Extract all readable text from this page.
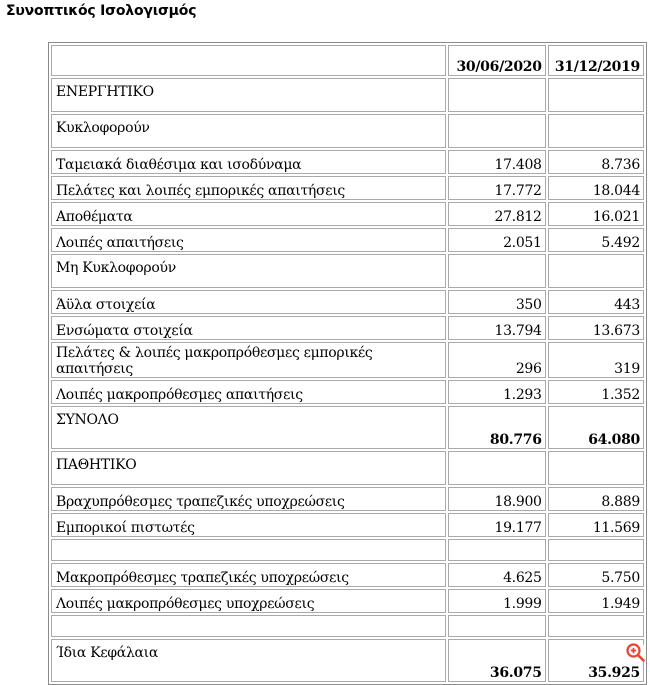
Συνοπτικός Ισολογισμός
	30/06/2020	31/12/2019
ΕΝΕΡΓΗΤΙΚΟ		
Κυκλοφορούν		
Ταμειακά διαθέσιμα και ισοδύναμα	17.408	8.736
Πελάτες και λοιπές εμπορικές απαιτήσεις	17.772	18.044
Αποθέματα	27.812	16.021
Λοιπές απαιτήσεις	2.051	5.492
Μη Κυκλοφορούν		
Άϋλα στοιχεία	350	443
Ενσώματα στοιχεία	13.794	13.673
Πελάτες & λοιπές μακροπρόθεσμες εμπορικές απαιτήσεις	296	319
Λοιπές μακροπρόθεσμες απαιτήσεις	1.293	1.352
ΣΥΝΟΛΟ	80.776	64.080
ΠΑΘΗΤΙΚΟ		
Βραχυπρόθεσμες τραπεζικές υποχρεώσεις	18.900	8.889
Εμπορικοί πιστωτές	19.177	11.569

Μακροπρόθεσμες τραπεζικές υποχρεώσεις	4.625	5.750
Λοιπές μακροπρόθεσμες υποχρεώσεις	1.999	1.949

Ίδια Κεφάλαια	36.075	35.925
